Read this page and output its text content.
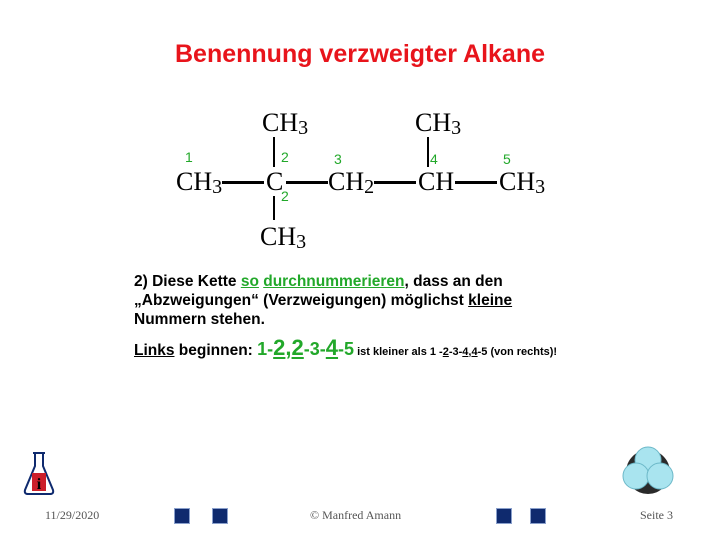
Benennung verzweigter Alkane
$CH_3$	$CH_3$
$CH_3$ C $CH_2$ CH $CH_3$
$CH_3$
1	2	3	4	5
2
2) Diese Kette so durchnummerieren, dass an den
„Abzweigungen“ (Verzweigungen) möglichst kleine
Nummern stehen.
Links beginnen: 1-2,2-3-4-5 ist kleiner als 1 -2-3-4,4-5 (von rechts)!
i
11/29/2020	© Manfred Amann	Seite 3
